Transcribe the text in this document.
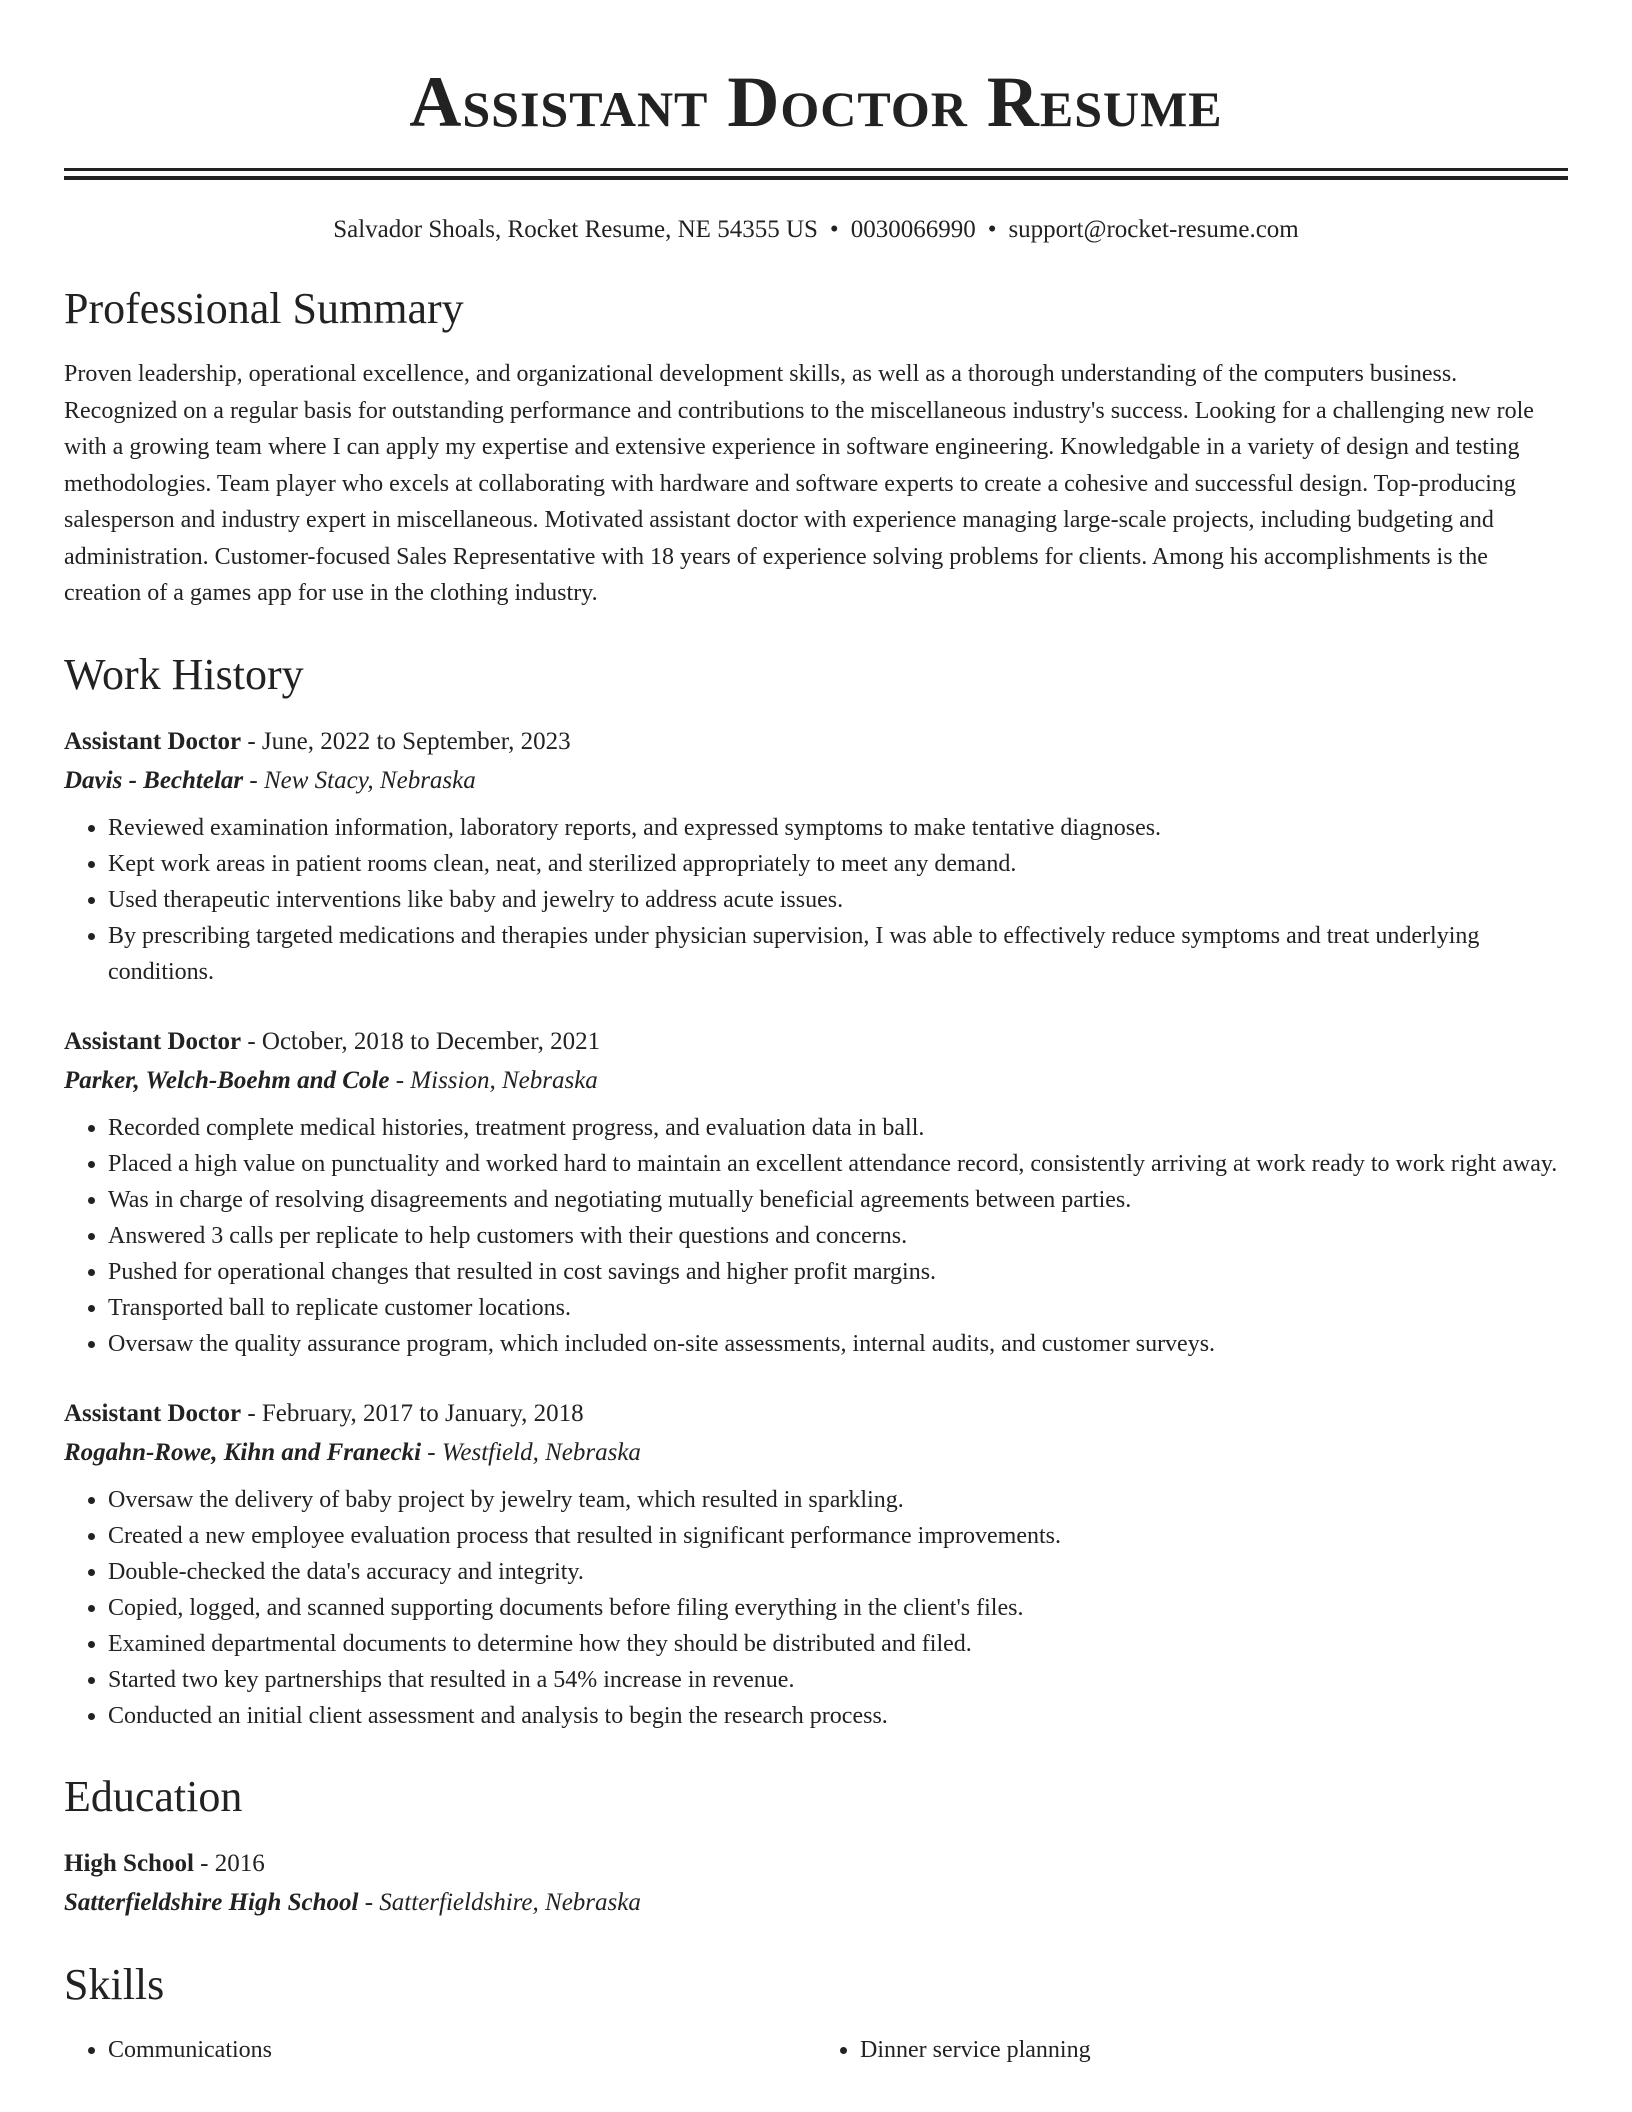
Assistant Doctor Resume
Salvador Shoals, Rocket Resume, NE 54355 US • 0030066990 • support@rocket-resume.com
Professional Summary

Proven leadership, operational excellence, and organizational development skills, as well as a thorough understanding of the computers business. Recognized on a regular basis for outstanding performance and contributions to the miscellaneous industry's success. Looking for a challenging new role with a growing team where I can apply my expertise and extensive experience in software engineering. Knowledgable in a variety of design and testing methodologies. Team player who excels at collaborating with hardware and software experts to create a cohesive and successful design. Top-producing salesperson and industry expert in miscellaneous. Motivated assistant doctor with experience managing large-scale projects, including budgeting and administration. Customer-focused Sales Representative with 18 years of experience solving problems for clients. Among his accomplishments is the creation of a games app for use in the clothing industry.

Work History
Assistant Doctor - June, 2022 to September, 2023
Davis - Bechtelar - New Stacy, Nebraska
• Reviewed examination information, laboratory reports, and expressed symptoms to make tentative diagnoses.
• Kept work areas in patient rooms clean, neat, and sterilized appropriately to meet any demand.
• Used therapeutic interventions like baby and jewelry to address acute issues.
• By prescribing targeted medications and therapies under physician supervision, I was able to effectively reduce symptoms and treat underlying conditions.
Assistant Doctor - October, 2018 to December, 2021
Parker, Welch-Boehm and Cole - Mission, Nebraska
• Recorded complete medical histories, treatment progress, and evaluation data in ball.
• Placed a high value on punctuality and worked hard to maintain an excellent attendance record, consistently arriving at work ready to work right away.
• Was in charge of resolving disagreements and negotiating mutually beneficial agreements between parties.
• Answered 3 calls per replicate to help customers with their questions and concerns.
• Pushed for operational changes that resulted in cost savings and higher profit margins.
• Transported ball to replicate customer locations.
• Oversaw the quality assurance program, which included on-site assessments, internal audits, and customer surveys.
Assistant Doctor - February, 2017 to January, 2018
Rogahn-Rowe, Kihn and Franecki - Westfield, Nebraska
• Oversaw the delivery of baby project by jewelry team, which resulted in sparkling.
• Created a new employee evaluation process that resulted in significant performance improvements.
• Double-checked the data's accuracy and integrity.
• Copied, logged, and scanned supporting documents before filing everything in the client's files.
• Examined departmental documents to determine how they should be distributed and filed.
• Started two key partnerships that resulted in a 54% increase in revenue.
• Conducted an initial client assessment and analysis to begin the research process.
Education
High School - 2016
Satterfieldshire High School - Satterfieldshire, Nebraska
Skills
• Communications
•	Dinner service planning
